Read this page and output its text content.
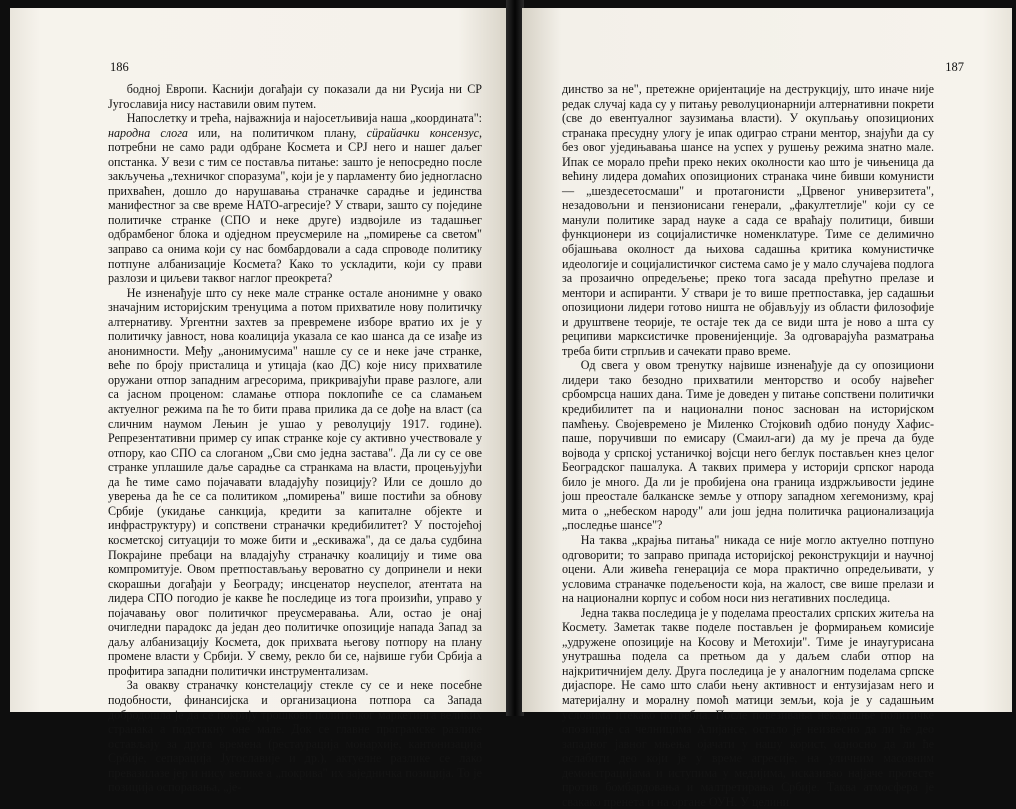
186

бодној Европи. Каснији догађаји су показали да ни Русија ни СР Југославија нису наставили овим путем.

Напослетку и трећа, најважнија и најосетљивија наша „координата": народна слога или, на политичком плану, сüрайачки консензус, потребни не само ради одбране Космета и СРЈ него и нашег даљег опстанка. У вези с тим се поставља питање: зашто је непосредно после закључења „техничког споразума", који је у парламенту био једногласно прихваћен, дошло до нарушавања страначке сарадње и јединства манифестног за све време НАТО-агресије? У ствари, зашто су поједине политичке странке (СПО и неке друге) издвојиле из тадашњег одбрамбеног блока и одједном преусмериле на „помирење са светом" заправо са онима који су нас бомбардовали а сада спроводе политику потпуне албанизације Космета? Како то ускладити, који су прави разлози и циљеви таквог наглог преокрета?

Не изненађује што су неке мале странке остале анонимне у овако значајним историјским тренуцима а потом прихватиле нову политичку алтернативу. Ургентни захтев за превремене изборе вратио их је у политичку јавност, нова коалиција указала се као шанса да се изађе из анонимности. Међу „анонимусима" нашле су се и неке јаче странке, веће по броју присталица и утицаја (као ДС) које нису прихватиле оружани отпор западним агресорима, прикривајући праве разлоге, али са јасном проценом: сламање отпора поклопиће се са сламањем актуелног режима па ће то бити права прилика да се дође на власт (са сличним наумом Лењин је ушао у револуцију 1917. године). Репрезентативни пример су ипак странке које су активно учествовале у отпору, као СПО са слоганом „Сви смо једна застава". Да ли су се ове странке уплашиле даље сарадње са странкама на власти, процењујући да ће тиме само појачавати владајућу позицију? Или се дошло до уверења да ће се са политиком „помирења" више постићи за обнову Србије (укидање санкција, кредити за капиталне објекте и инфраструктуру) и сопствени страначки кредибилитет? У постојећој косметској ситуацији то може бити и „ескиважа", да се даља судбина Покрајине пребаци на владајућу страначку коалицију и тиме ова компромитује. Овом претпостављању вероватно су допринели и неки скорашњи догађаји у Београду; инсценатор неуспелог, атентата на лидера СПО погодио је какве ће последице из тога произићи, управо у појачавању овог политичког преусмеравања. Али, остао је онај очигледни парадокс да један део политичке опозиције напада Запад за даљу албанизацију Космета, док прихвата његову потпору на плану промене власти у Србији. У свему, рекло би се, највише губи Србија а профитира западни политички инструментализам.

За овакву страначку констелацију стекле су се и неке посебне подобности, финансијска и организациона потпора са Запада добродошла је да се покрију трошкови политичког маркетинга великих странака а подстакну оне мале. Док се главне програмске разлике остављају за друга времена (рестаурација монархије, кантонизација Србије, сепарација Југославије и др.), актуелне разлике се лако превазилазе јер и нису велике а „покрива" их заједничка позиција. То је позиција оспоравања, „је-

187

динство за не", претежне оријентације на деструкцију, што иначе није редак случај када су у питању револуционарнији алтернативни покрети (све до евентуалног заузимања власти). У окупљању опозиционих странака пресудну улогу је ипак одиграо страни ментор, знајући да су без овог уједињавања шансе на успех у рушењу режима знатно мале. Ипак се морало прећи преко неких околности као што је чињеница да већину лидера домаћих опозиционих странака чине бивши комунисти — „шездесетосмаши" и протагонисти „Црвеног универзитета", незадовољни и пензионисани генерали, „факултетлије" који су се манули политике зарад науке а сада се враћају политици, бивши функционери из социјалистичке номенклатуре. Тиме се делимично објашњава околност да њихова садашња критика комунистичке идеологије и социјалистичког система само је у мало случајева подлога за прозаично опредељење; преко тога засада прећутно прелазе и ментори и аспиранти. У ствари је то више претпоставка, јер садашњи опозициони лидери готово ништа не објављују из области филозофије и друштвене теорије, те остаје тек да се види шта је ново а шта су реципиви марксистичке провенијенције. За одговарајућа разматрања треба бити стрпљив и сачекати право време.

Од свега у овом тренутку највише изненађује да су опозициони лидери тако безодно прихватили менторство и особу највећег србомрсца наших дана. Тиме је доведен у питање сопствени политички кредибилитет па и национални понос заснован на историјском памћењу. Својевремено је Миленко Стојковић одбио понуду Хафис-паше, поручивши по емисару (Смаил-аги) да му је преча да буде војвода у српској устаничкој војсци него беглук постављен кнез целог Београдског пашалука. А таквих примера у историји српског народа било је много. Да ли је пробијена она граница издржљивости једине још преостале балканске земље у отпору западном хегемонизму, крај мита о „небеском народу" али још једна политичка рационализација „последње шансе"?

На таква „крајња питања" никада се није могло актуелно потпуно одговорити; то заправо припада историјској реконструкцији и научној оцени. Али живећа генерација се мора практично опредељивати, у условима страначке подељености која, на жалост, све више прелази и на национални корпус и собом носи низ негативних последица.

Једна таква последица је у поделама преосталих српских житеља на Космету. Заметак такве поделе постављен је формирањем комисије „удружене опозиције на Косову и Метохији". Тиме је инаугурисана унутрашња подела са претњом да у даљем слаби отпор на најкритичнијем делу. Друга последица је у аналогним поделама српске дијаспоре. Не само што слаби њену активност и ентузијазам него и материјалну и моралну помоћ матици земљи, која је у садашњим условима итекако потребна. После повезивања некадашње политичке опозиције са челницима Алијансе, остало је неизвесно да ли ће део западног јавног мњења ојачати у нашу корист, односно да ли ће ослабити део који је у време агресије, на уличним масовним демонстрацијама и иступима у медијима, исказивао најјаче протесте против бомбардовања и малтретирања Србије. Таква атмосфера је свакако пренета и на органе ОУН. У целини
